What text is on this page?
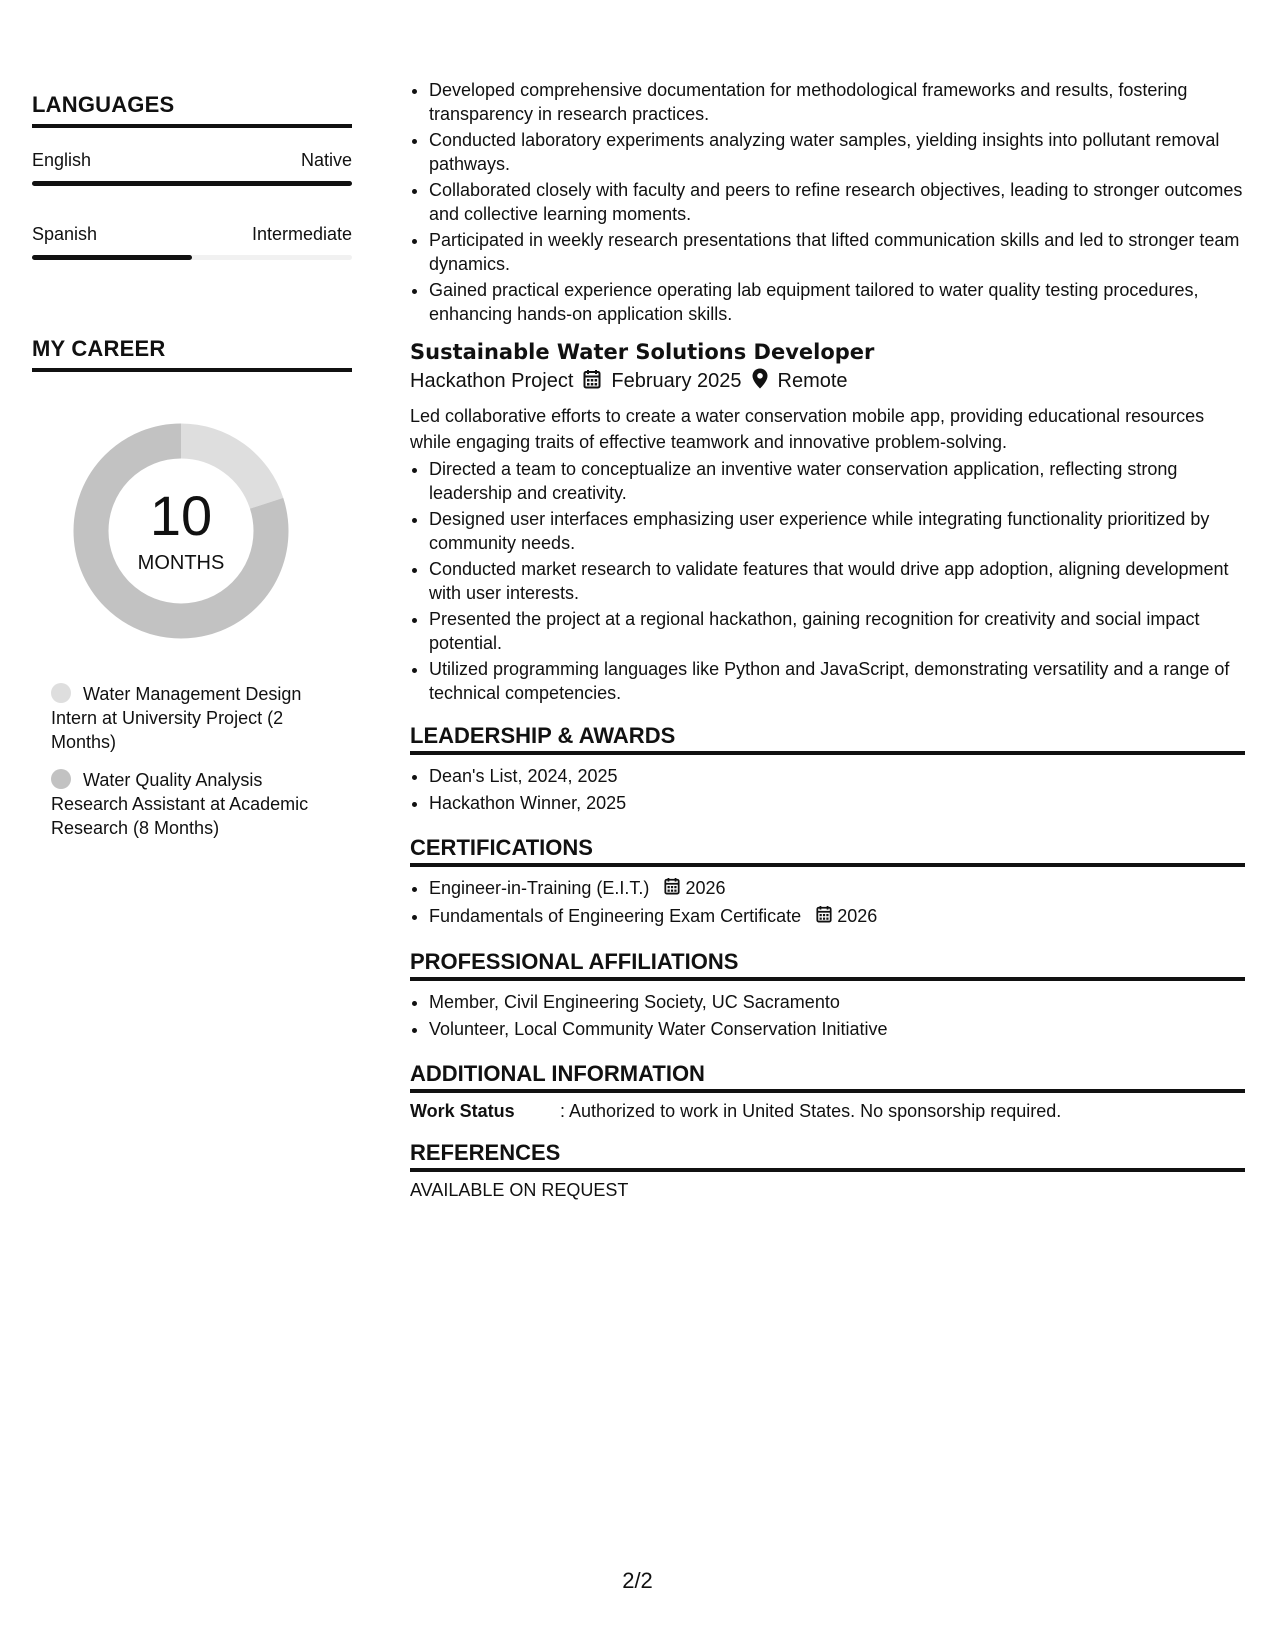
LANGUAGES
English	Native
Spanish	Intermediate
MY CAREER
10
MONTHS
Water Management Design Intern at University Project (2 Months)
Water Quality Analysis Research Assistant at Academic Research (8 Months)
• Developed comprehensive documentation for methodological frameworks and results, fostering transparency in research practices.
• Conducted laboratory experiments analyzing water samples, yielding insights into pollutant removal pathways.
• Collaborated closely with faculty and peers to refine research objectives, leading to stronger outcomes and collective learning moments.
• Participated in weekly research presentations that lifted communication skills and led to stronger team dynamics.
• Gained practical experience operating lab equipment tailored to water quality testing procedures, enhancing hands-on application skills.
Sustainable Water Solutions Developer
Hackathon Project February 2025 Remote

Led collaborative efforts to create a water conservation mobile app, providing educational resources while engaging traits of effective teamwork and innovative problem-solving.

• Directed a team to conceptualize an inventive water conservation application, reflecting strong leadership and creativity.
• Designed user interfaces emphasizing user experience while integrating functionality prioritized by community needs.
• Conducted market research to validate features that would drive app adoption, aligning development with user interests.
• Presented the project at a regional hackathon, gaining recognition for creativity and social impact potential.
• Utilized programming languages like Python and JavaScript, demonstrating versatility and a range of technical competencies.
LEADERSHIP & AWARDS
• Dean's List, 2024, 2025
• Hackathon Winner, 2025
CERTIFICATIONS
• Engineer-in-Training (E.I.T.) 2026
• Fundamentals of Engineering Exam Certificate 2026
PROFESSIONAL AFFILIATIONS
• Member, Civil Engineering Society, UC Sacramento
• Volunteer, Local Community Water Conservation Initiative
ADDITIONAL INFORMATION
Work Status	: Authorized to work in United States. No sponsorship required.
REFERENCES
AVAILABLE ON REQUEST
2/2
